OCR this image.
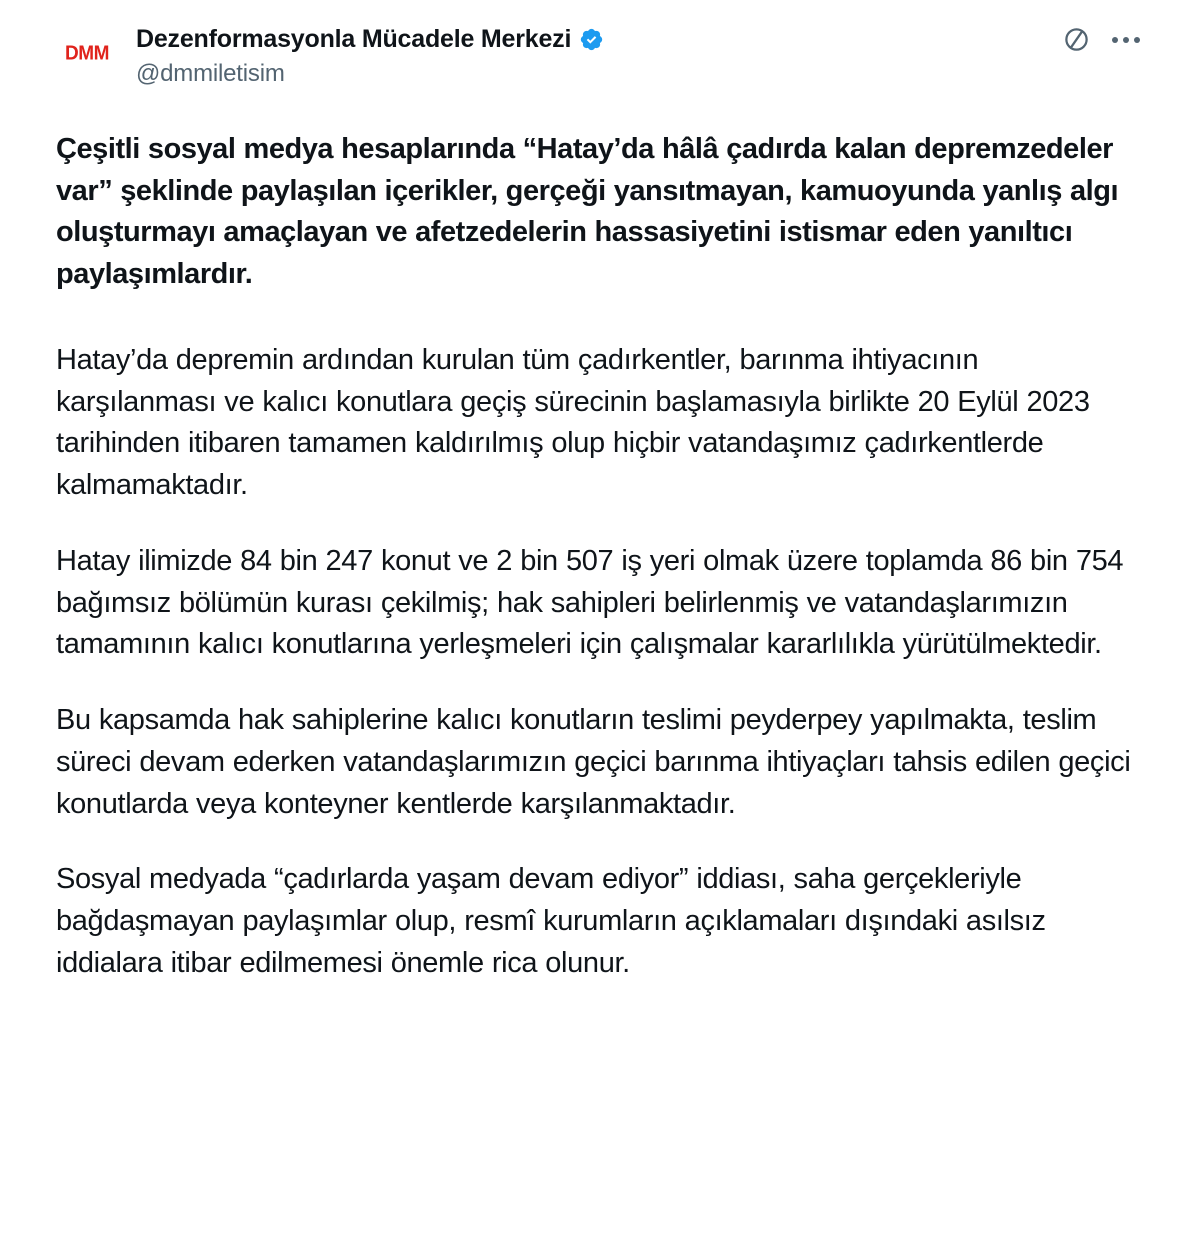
DMM
Dezenformasyonla Mücadele Merkezi
@dmmiletisim

Çeşitli sosyal medya hesaplarında “Hatay’da hâlâ çadırda kalan depremzedeler var” şeklinde paylaşılan içerikler, gerçeği yansıtmayan, kamuoyunda yanlış algı oluşturmayı amaçlayan ve afetzedelerin hassasiyetini istismar eden yanıltıcı paylaşımlardır.

Hatay’da depremin ardından kurulan tüm çadırkentler, barınma ihtiyacının karşılanması ve kalıcı konutlara geçiş sürecinin başlamasıyla birlikte 20 Eylül 2023 tarihinden itibaren tamamen kaldırılmış olup hiçbir vatandaşımız çadırkentlerde kalmamaktadır.

Hatay ilimizde 84 bin 247 konut ve 2 bin 507 iş yeri olmak üzere toplamda 86 bin 754 bağımsız bölümün kurası çekilmiş; hak sahipleri belirlenmiş ve vatandaşlarımızın tamamının kalıcı konutlarına yerleşmeleri için çalışmalar kararlılıkla yürütülmektedir.

Bu kapsamda hak sahiplerine kalıcı konutların teslimi peyderpey yapılmakta, teslim süreci devam ederken vatandaşlarımızın geçici barınma ihtiyaçları tahsis edilen geçici konutlarda veya konteyner kentlerde karşılanmaktadır.

Sosyal medyada “çadırlarda yaşam devam ediyor” iddiası, saha gerçekleriyle bağdaşmayan paylaşımlar olup, resmî kurumların açıklamaları dışındaki asılsız iddialara itibar edilmemesi önemle rica olunur.
